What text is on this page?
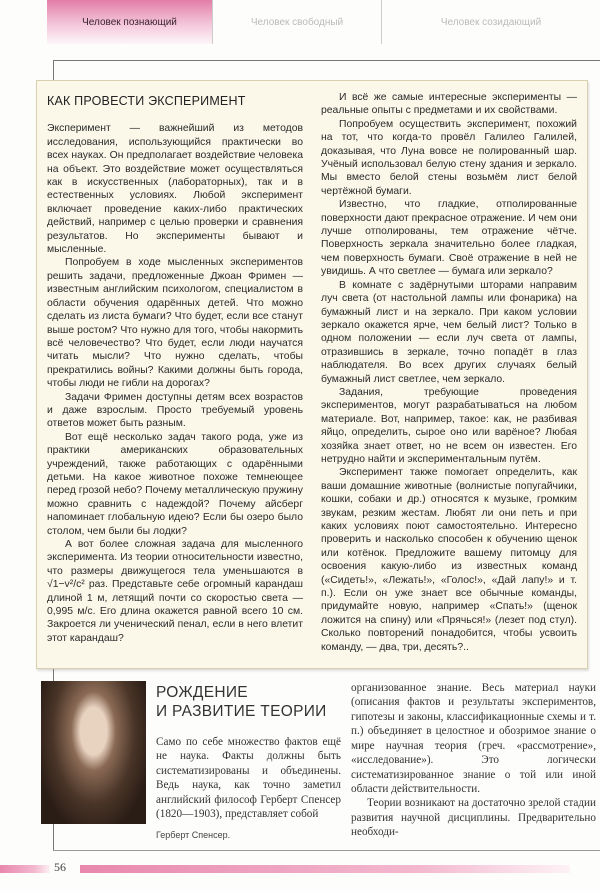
Человек познающий	Человек свободный	Человек созидающий
КАК ПРОВЕСТИ ЭКСПЕРИМЕНТ

Эксперимент — важнейший из методов исследования, использующийся практически во всех науках. Он предполагает воздействие человека на объект. Это воздействие может осуществляться как в искусственных (лабораторных), так и в естественных условиях. Любой эксперимент включает проведение каких-либо практических действий, например с целью проверки и сравнения результатов. Но эксперименты бывают и мысленные.

Попробуем в ходе мысленных экспериментов решить задачи, предложенные Джоан Фримен — известным английским психологом, специалистом в области обучения одарённых детей. Что можно сделать из листа бумаги? Что будет, если все станут выше ростом? Что нужно для того, чтобы накормить всё человечество? Что будет, если люди научатся читать мысли? Что нужно сделать, чтобы прекратились войны? Какими должны быть города, чтобы люди не гибли на дорогах?

Задачи Фримен доступны детям всех возрастов и даже взрослым. Просто требуемый уровень ответов может быть разным.

Вот ещё несколько задач такого рода, уже из практики американских образовательных учреждений, также работающих с одарёнными детьми. На какое животное похоже темнеющее перед грозой небо? Почему металлическую пружину можно сравнить с надеждой? Почему айсберг напоминает глобальную идею? Если бы озеро было столом, чем были бы лодки?

А вот более сложная задача для мысленного эксперимента. Из теории относительности известно, что размеры движущегося тела уменьшаются в √1−v²/c² раз. Представьте себе огромный карандаш длиной 1 м, летящий почти со скоростью света — 0,995 м/с. Его длина окажется равной всего 10 см. Закроется ли ученический пенал, если в него влетит этот карандаш?

И всё же самые интересные эксперименты — реальные опыты с предметами и их свойствами.

Попробуем осуществить эксперимент, похожий на тот, что когда-то провёл Галилео Галилей, доказывая, что Луна вовсе не полированный шар. Учёный использовал белую стену здания и зеркало. Мы вместо белой стены возьмём лист белой чертёжной бумаги.

Известно, что гладкие, отполированные поверхности дают прекрасное отражение. И чем они лучше отполированы, тем отражение чётче. Поверхность зеркала значительно более гладкая, чем поверхность бумаги. Своё отражение в ней не увидишь. А что светлее — бумага или зеркало?

В комнате с задёрнутыми шторами направим луч света (от настольной лампы или фонарика) на бумажный лист и на зеркало. При каком условии зеркало окажется ярче, чем белый лист? Только в одном положении — если луч света от лампы, отразившись в зеркале, точно попадёт в глаз наблюдателя. Во всех других случаях белый бумажный лист светлее, чем зеркало.

Задания, требующие проведения экспериментов, могут разрабатываться на любом материале. Вот, например, такое: как, не разбивая яйцо, определить, сырое оно или варёное? Любая хозяйка знает ответ, но не всем он известен. Его нетрудно найти и экспериментальным путём.

Эксперимент также помогает определить, как ваши домашние животные (волнистые попугайчики, кошки, собаки и др.) относятся к музыке, громким звукам, резким жестам. Любят ли они петь и при каких условиях поют самостоятельно. Интересно проверить и насколько способен к обучению щенок или котёнок. Предложите вашему питомцу для освоения какую-либо из известных команд («Сидеть!», «Лежать!», «Голос!», «Дай лапу!» и т. п.). Если он уже знает все обычные команды, придумайте новую, например «Спать!» (щенок ложится на спину) или «Прячься!» (лезет под стул). Сколько повторений понадобится, чтобы усвоить команду, — два, три, десять?..

РОЖДЕНИЕ
И РАЗВИТИЕ ТЕОРИИ

Само по себе множество фактов ещё не наука. Факты должны быть систематизированы и объединены. Ведь наука, как точно заметил английский философ Герберт Спенсер (1820—1903), представляет собой

Герберт Спенсер.

организованное знание. Весь материал науки (описания фактов и результаты экспериментов, гипотезы и законы, классификационные схемы и т. п.) объединяет в целостное и обозримое знание о мире научная теория (греч. «рассмотрение», «исследование»). Это логически систематизированное знание о той или иной области действительности.

Теории возникают на достаточно зрелой стадии развития научной дисциплины. Предварительно необходи-

56
